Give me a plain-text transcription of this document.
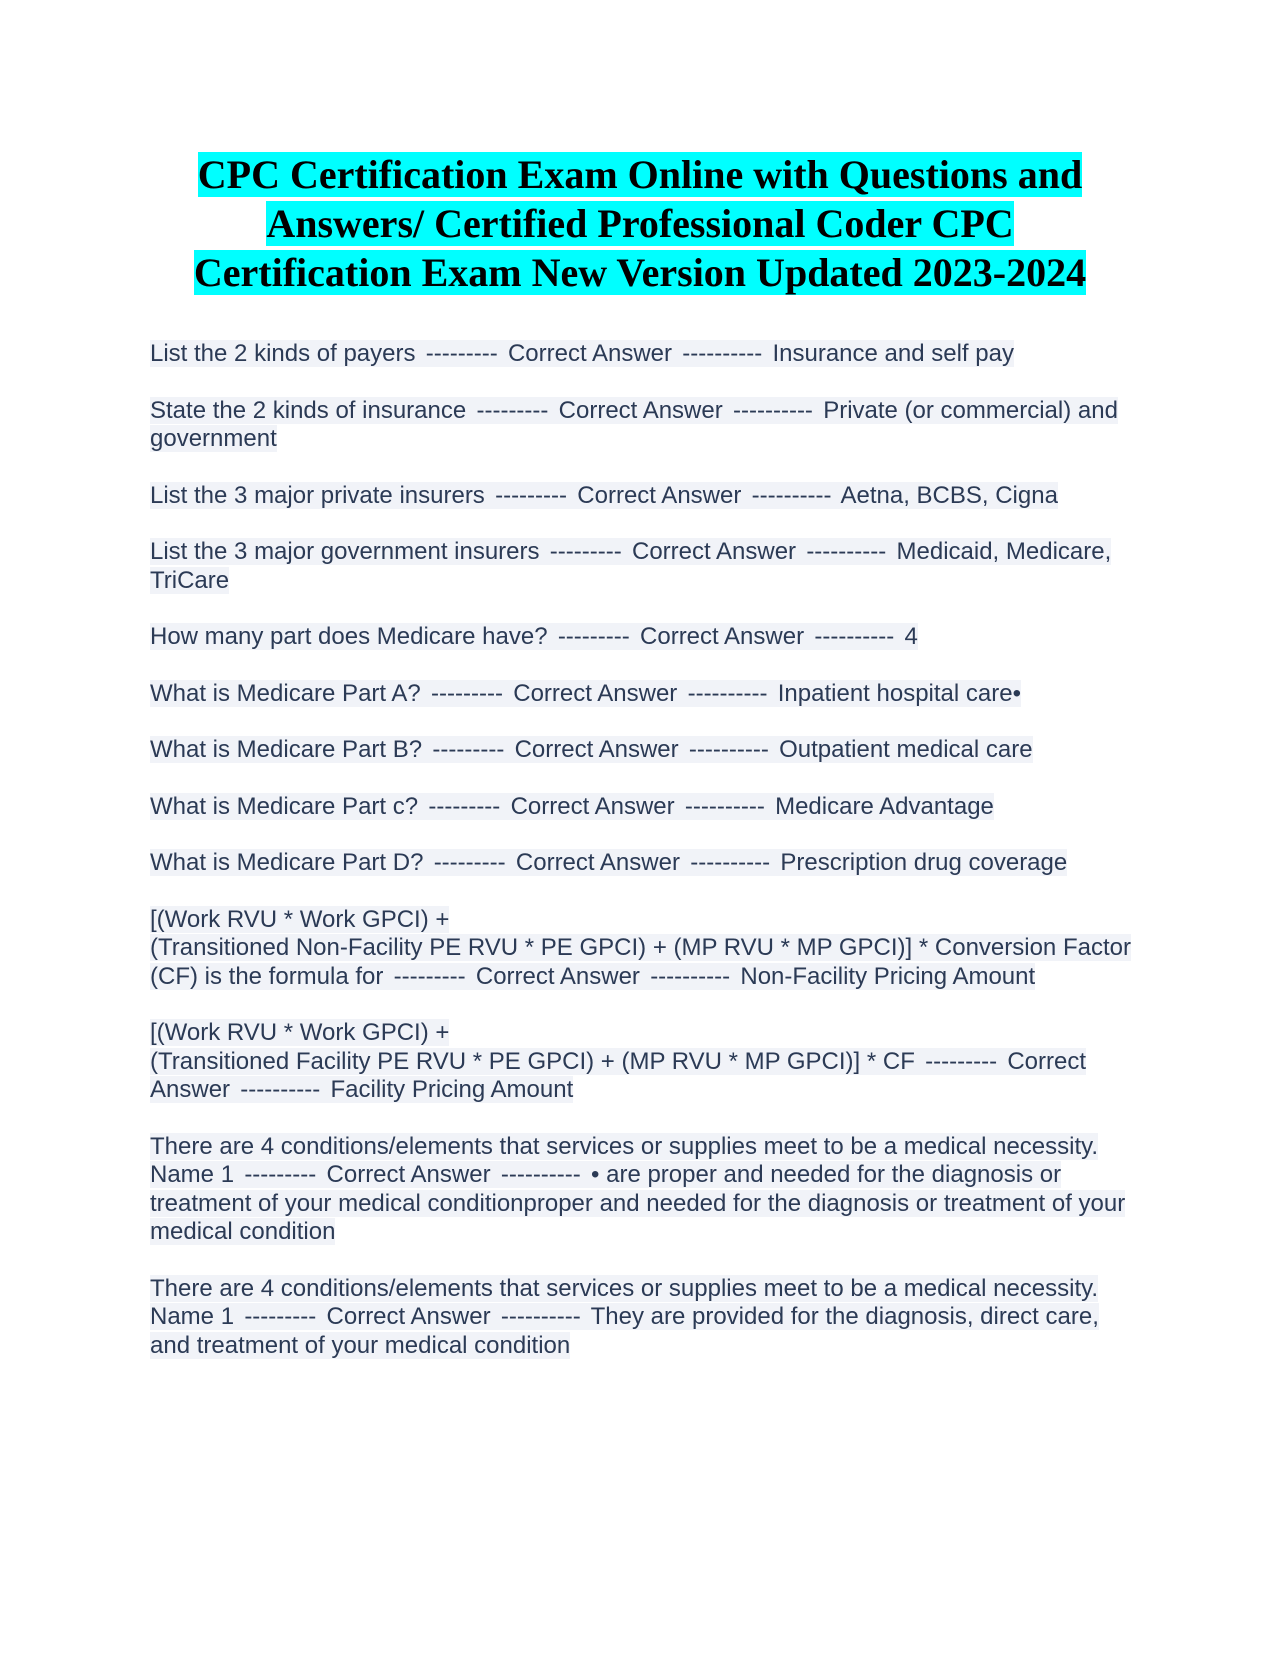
CPC Certification Exam Online with Questions and
Answers/ Certified Professional Coder CPC
Certification Exam New Version Updated 2023-2024

List the 2 kinds of payers --------- Correct Answer ---------- Insurance and self pay

State the 2 kinds of insurance --------- Correct Answer ---------- Private (or commercial) and government

List the 3 major private insurers --------- Correct Answer ---------- Aetna, BCBS, Cigna

List the 3 major government insurers --------- Correct Answer ---------- Medicaid, Medicare, TriCare

How many part does Medicare have? --------- Correct Answer ---------- 4

What is Medicare Part A? --------- Correct Answer ---------- Inpatient hospital care•

What is Medicare Part B? --------- Correct Answer ---------- Outpatient medical care

What is Medicare Part c? --------- Correct Answer ---------- Medicare Advantage

What is Medicare Part D? --------- Correct Answer ---------- Prescription drug coverage

[(Work RVU * Work GPCI) +
(Transitioned Non-Facility PE RVU * PE GPCI) + (MP RVU * MP GPCI)] * Conversion Factor (CF) is the formula for --------- Correct Answer ---------- Non-Facility Pricing Amount

[(Work RVU * Work GPCI) +
(Transitioned Facility PE RVU * PE GPCI) + (MP RVU * MP GPCI)] * CF --------- Correct Answer ---------- Facility Pricing Amount

There are 4 conditions/elements that services or supplies meet to be a medical necessity. Name 1 --------- Correct Answer ---------- • are proper and needed for the diagnosis or treatment of your medical conditionproper and needed for the diagnosis or treatment of your medical condition

There are 4 conditions/elements that services or supplies meet to be a medical necessity. Name 1 --------- Correct Answer ---------- They are provided for the diagnosis, direct care, and treatment of your medical condition
